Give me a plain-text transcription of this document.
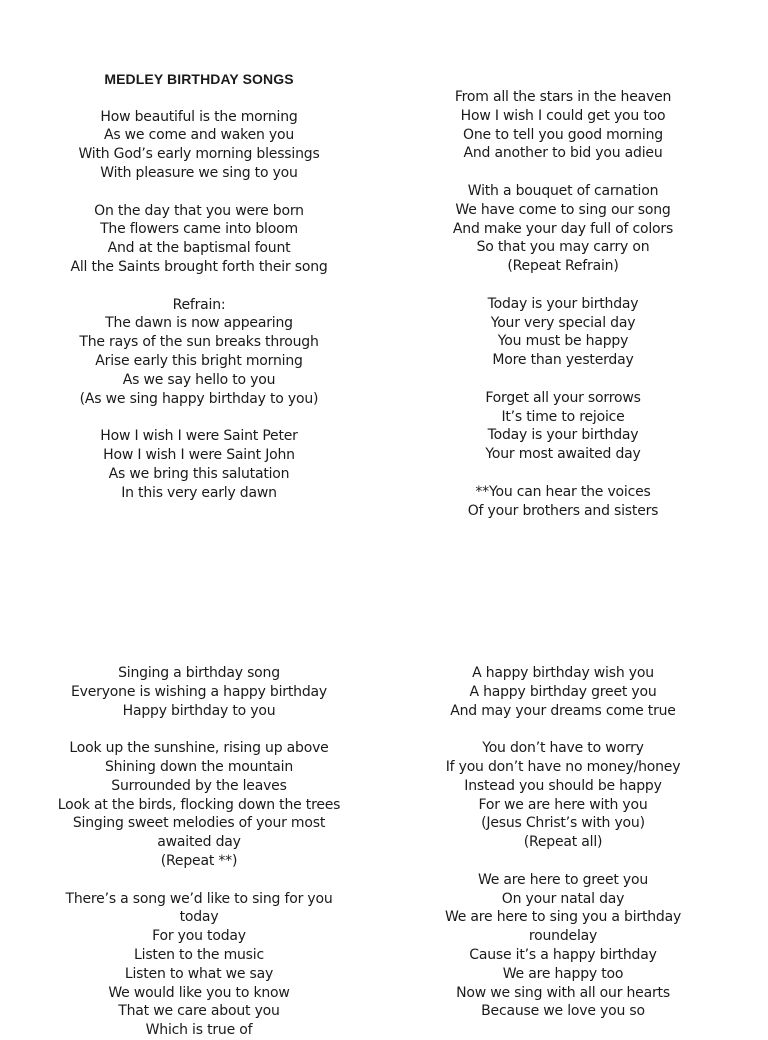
MEDLEY BIRTHDAY SONGS
How beautiful is the morning
As we come and waken you
With God’s early morning blessings
With pleasure we sing to you
On the day that you were born
The flowers came into bloom
And at the baptismal fount
All the Saints brought forth their song
Refrain:
The dawn is now appearing
The rays of the sun breaks through
Arise early this bright morning
As we say hello to you
(As we sing happy birthday to you)
How I wish I were Saint Peter
How I wish I were Saint John
As we bring this salutation
In this very early dawn
From all the stars in the heaven
How I wish I could get you too
One to tell you good morning
And another to bid you adieu
With a bouquet of carnation
We have come to sing our song
And make your day full of colors
So that you may carry on
(Repeat Refrain)
Today is your birthday
Your very special day
You must be happy
More than yesterday
Forget all your sorrows
It’s time to rejoice
Today is your birthday
Your most awaited day
**You can hear the voices
Of your brothers and sisters
Singing a birthday song
Everyone is wishing a happy birthday
Happy birthday to you
Look up the sunshine, rising up above
Shining down the mountain
Surrounded by the leaves
Look at the birds, flocking down the trees
Singing sweet melodies of your most
awaited day
(Repeat **)
There’s a song we’d like to sing for you
today
For you today
Listen to the music
Listen to what we say
We would like you to know
That we care about you
Which is true of
A happy birthday wish you
A happy birthday greet you
And may your dreams come true
You don’t have to worry
If you don’t have no money/honey
Instead you should be happy
For we are here with you
(Jesus Christ’s with you)
(Repeat all)
We are here to greet you
On your natal day
We are here to sing you a birthday
roundelay
Cause it’s a happy birthday
We are happy too
Now we sing with all our hearts
Because we love you so
